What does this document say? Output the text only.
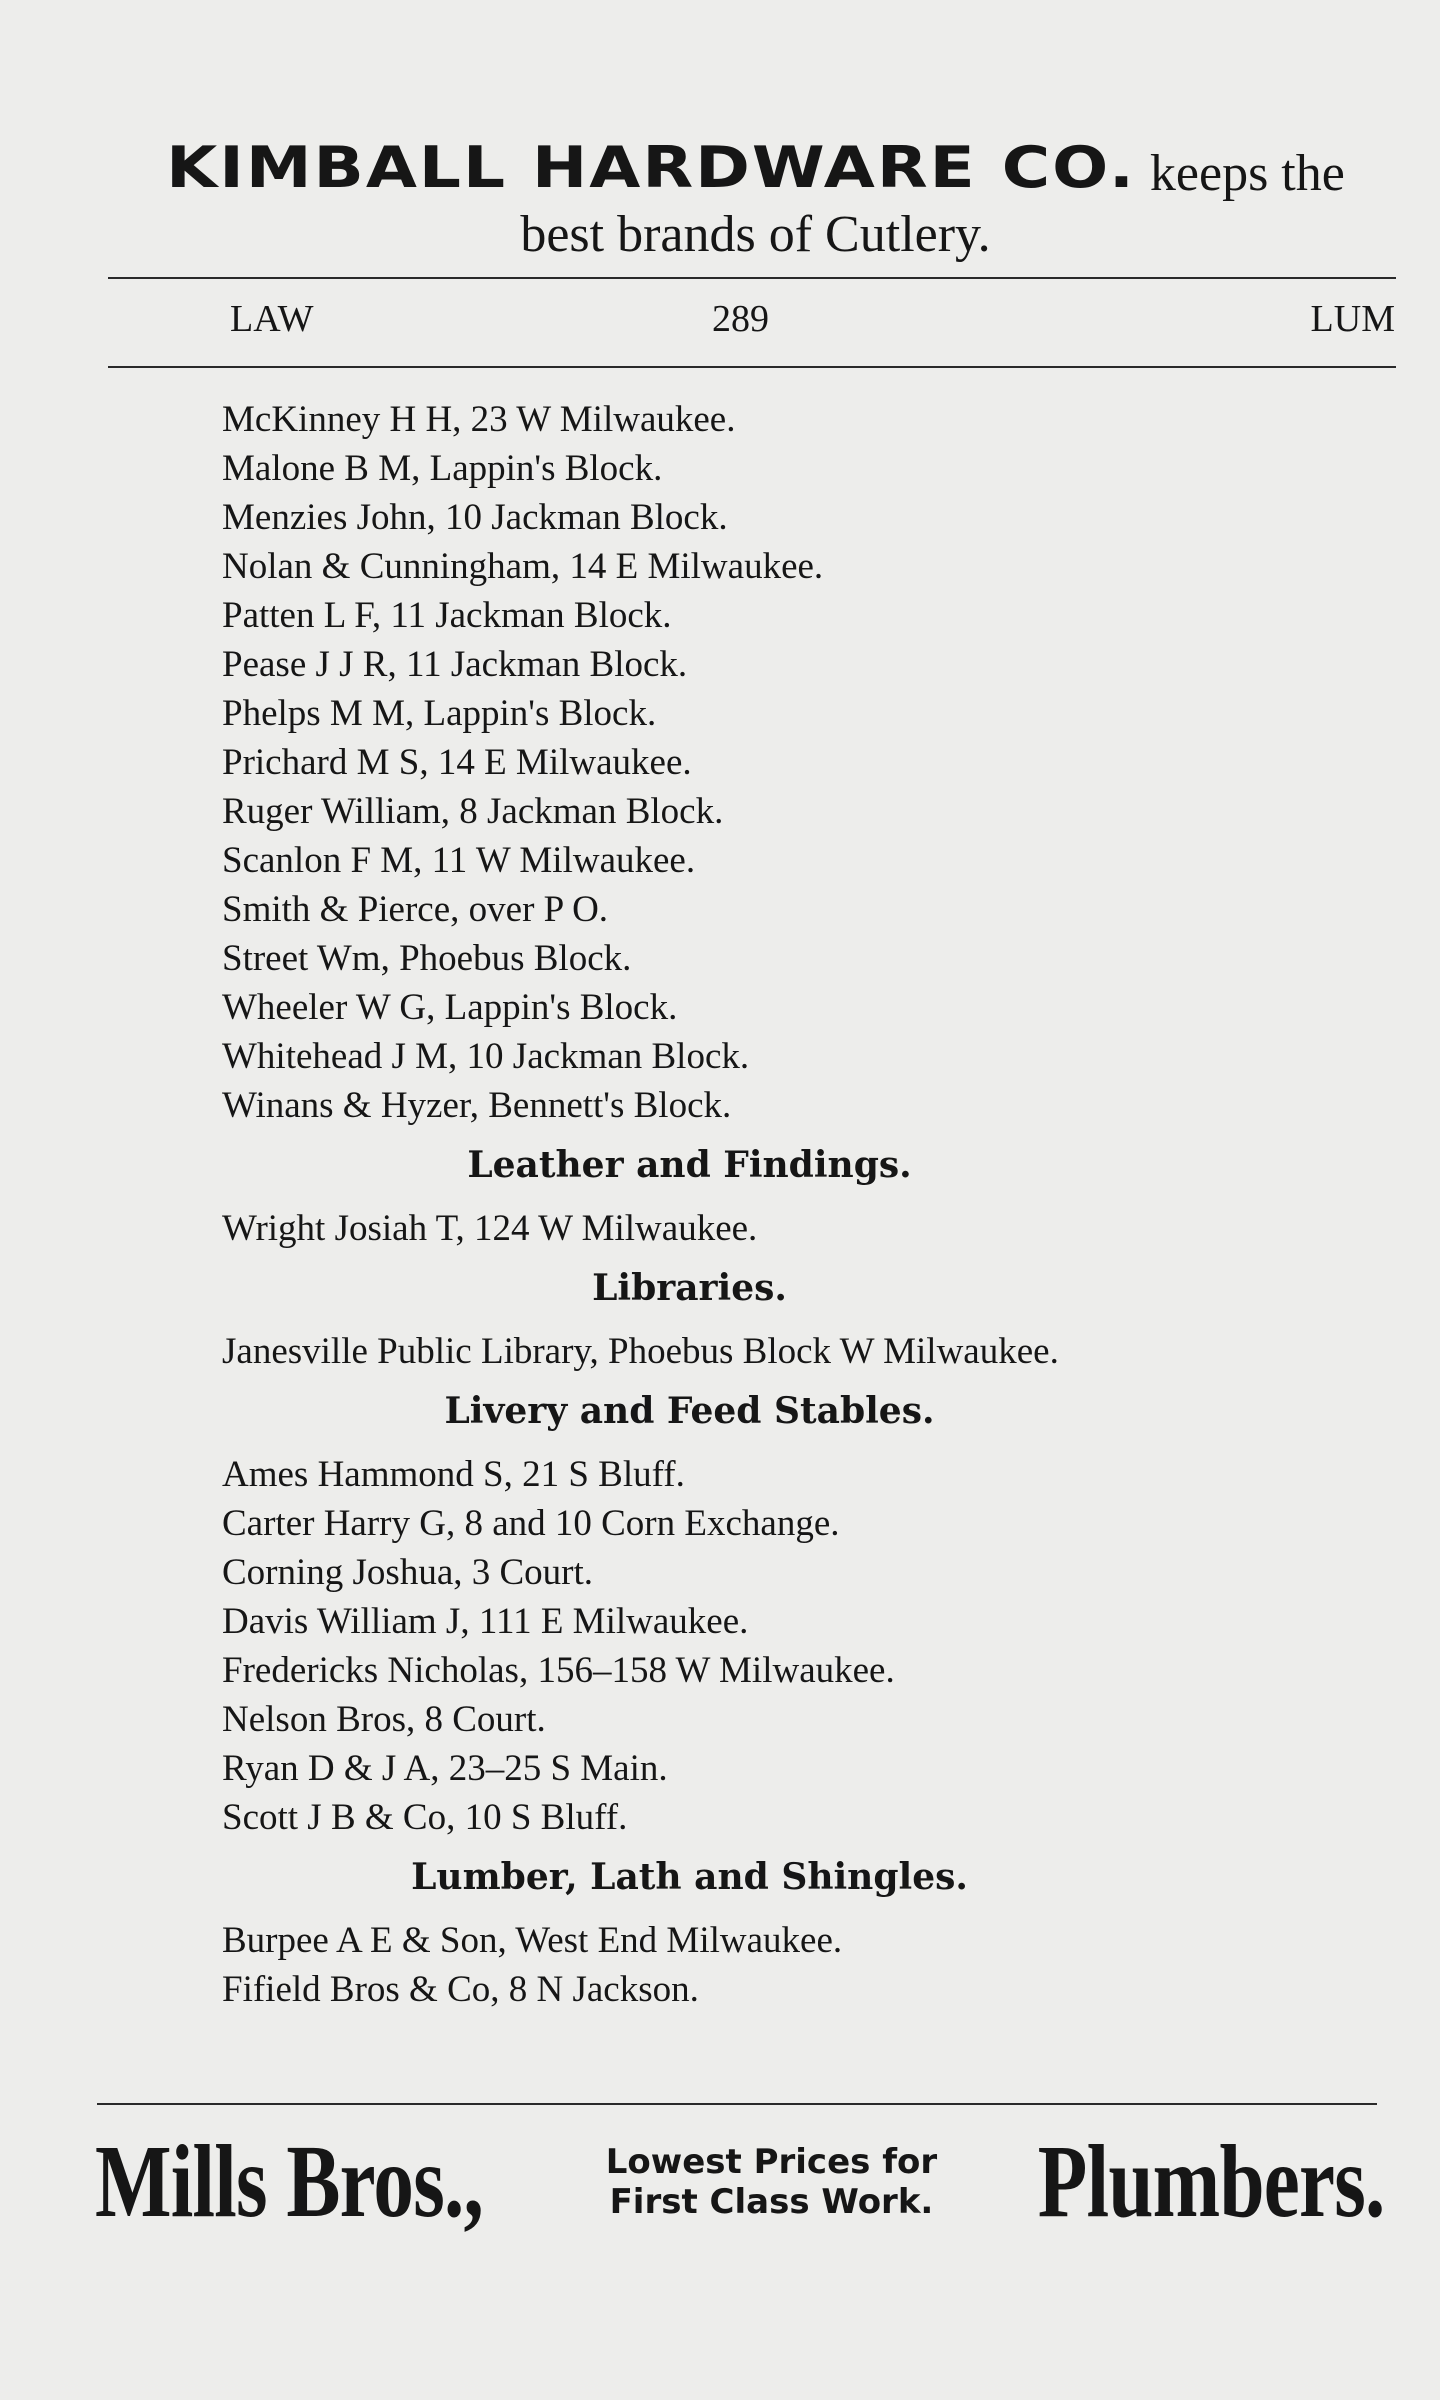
KIMBALL HARDWARE CO. keeps the
best brands of Cutlery.
LAW	289	LUM
McKinney H H, 23 W Milwaukee.
Malone B M, Lappin's Block.
Menzies John, 10 Jackman Block.
Nolan & Cunningham, 14 E Milwaukee.
Patten L F, 11 Jackman Block.
Pease J J R, 11 Jackman Block.
Phelps M M, Lappin's Block.
Prichard M S, 14 E Milwaukee.
Ruger William, 8 Jackman Block.
Scanlon F M, 11 W Milwaukee.
Smith & Pierce, over P O.
Street Wm, Phoebus Block.
Wheeler W G, Lappin's Block.
Whitehead J M, 10 Jackman Block.
Winans & Hyzer, Bennett's Block.
Leather and Findings.
Wright Josiah T, 124 W Milwaukee.
Libraries.
Janesville Public Library, Phoebus Block W Milwaukee.
Livery and Feed Stables.
Ames Hammond S, 21 S Bluff.
Carter Harry G, 8 and 10 Corn Exchange.
Corning Joshua, 3 Court.
Davis William J, 111 E Milwaukee.
Fredericks Nicholas, 156–158 W Milwaukee.
Nelson Bros, 8 Court.
Ryan D & J A, 23–25 S Main.
Scott J B & Co, 10 S Bluff.
Lumber, Lath and Shingles.
Burpee A E & Son, West End Milwaukee.
Fifield Bros & Co, 8 N Jackson.
Mills Bros.,	Lowest Prices for
First Class Work. Plumbers.
